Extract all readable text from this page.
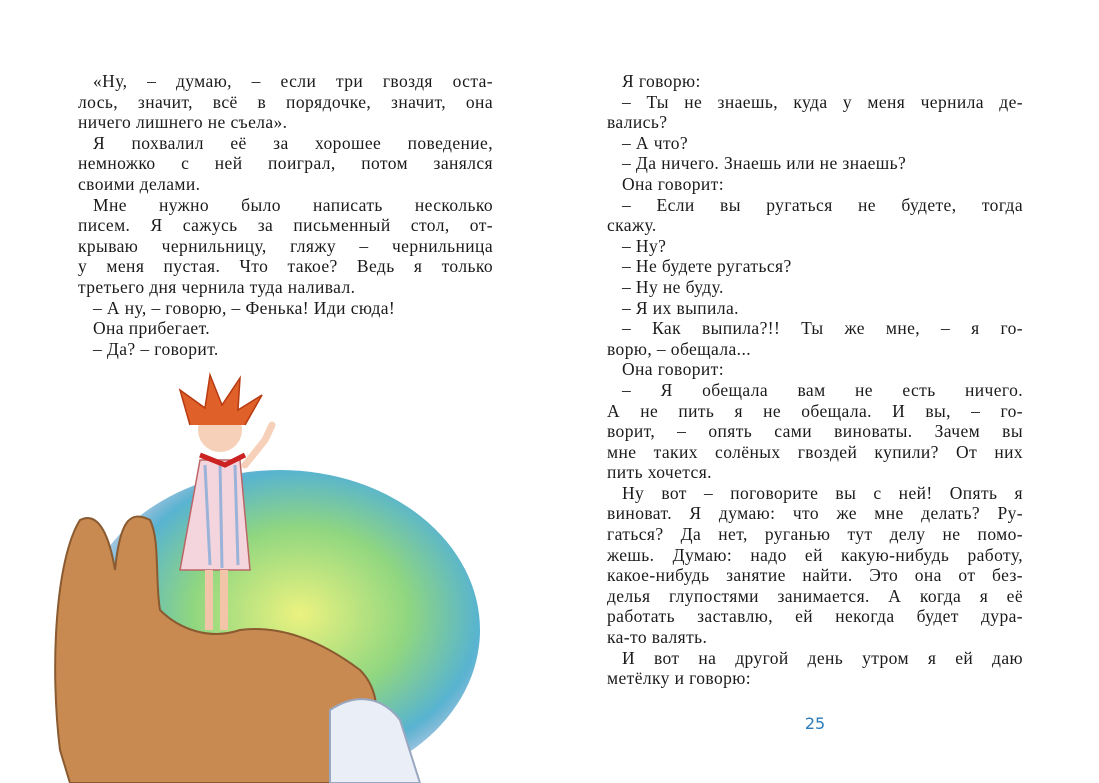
«Ну, – думаю, – если три гвоздя оста-
лось, значит, всё в порядочке, значит, она
ничего лишнего не съела».
Я похвалил её за хорошее поведение,
немножко с ней поиграл, потом занялся
своими делами.
Мне нужно было написать несколько
писем. Я сажусь за письменный стол, от-
крываю чернильницу, гляжу – чернильница
у меня пустая. Что такое? Ведь я только
третьего дня чернила туда наливал.
– А ну, – говорю, – Фенька! Иди сюда!
Она прибегает.
– Да? – говорит.
Я говорю:
– Ты не знаешь, куда у меня чернила де-
вались?
– А что?
– Да ничего. Знаешь или не знаешь?
Она говорит:
– Если вы ругаться не будете, тогда
скажу.
– Ну?
– Не будете ругаться?
– Ну не буду.
– Я их выпила.
– Как выпила?!! Ты же мне, – я го-
ворю, – обещала...
Она говорит:
– Я обещала вам не есть ничего.
А не пить я не обещала. И вы, – го-
ворит, – опять сами виноваты. Зачем вы
мне таких солёных гвоздей купили? От них
пить хочется.
Ну вот – поговорите вы с ней! Опять я
виноват. Я думаю: что же мне делать? Ру-
гаться? Да нет, руганью тут делу не помо-
жешь. Думаю: надо ей какую-нибудь работу,
какое-нибудь занятие найти. Это она от без-
делья глупостями занимается. А когда я её
работать заставлю, ей некогда будет дура-
ка-то валять.
И вот на другой день утром я ей даю
метёлку и говорю:
25
